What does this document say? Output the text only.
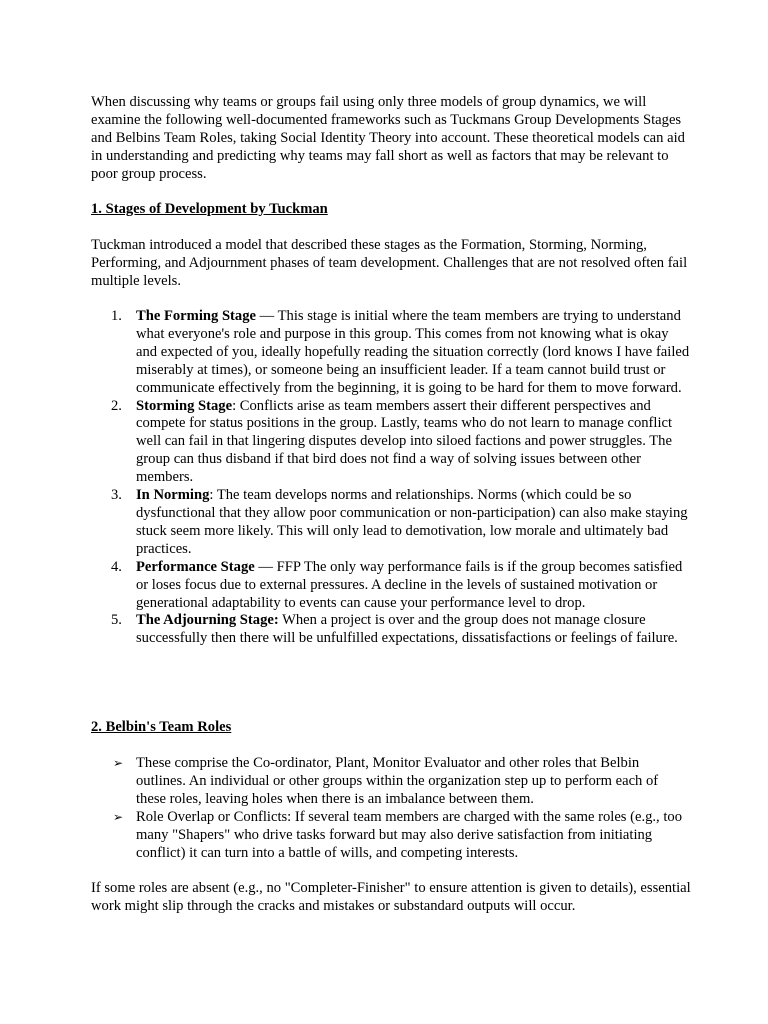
When discussing why teams or groups fail using only three models of group dynamics, we will examine the following well-documented frameworks such as Tuckmans Group Developments Stages and Belbins Team Roles, taking Social Identity Theory into account. These theoretical models can aid in understanding and predicting why teams may fall short as well as factors that may be relevant to poor group process.

1. Stages of Development by Tuckman

Tuckman introduced a model that described these stages as the Formation, Storming, Norming, Performing, and Adjournment phases of team development. Challenges that are not resolved often fail multiple levels.

1. The Forming Stage — This stage is initial where the team members are trying to understand what everyone's role and purpose in this group. This comes from not knowing what is okay and expected of you, ideally hopefully reading the situation correctly (lord knows I have failed miserably at times), or someone being an insufficient leader. If a team cannot build trust or communicate effectively from the beginning, it is going to be hard for them to move forward.
2. Storming Stage: Conflicts arise as team members assert their different perspectives and compete for status positions in the group. Lastly, teams who do not learn to manage conflict well can fail in that lingering disputes develop into siloed factions and power struggles. The group can thus disband if that bird does not find a way of solving issues between other members.
3. In Norming: The team develops norms and relationships. Norms (which could be so dysfunctional that they allow poor communication or non-participation) can also make staying stuck seem more likely. This will only lead to demotivation, low morale and ultimately bad practices.
4. Performance Stage — FFP The only way performance fails is if the group becomes satisfied or loses focus due to external pressures. A decline in the levels of sustained motivation or generational adaptability to events can cause your performance level to drop.
5. The Adjourning Stage: When a project is over and the group does not manage closure successfully then there will be unfulfilled expectations, dissatisfactions or feelings of failure.

2. Belbin's Team Roles

➢ These comprise the Co-ordinator, Plant, Monitor Evaluator and other roles that Belbin outlines. An individual or other groups within the organization step up to perform each of these roles, leaving holes when there is an imbalance between them.
➢ Role Overlap or Conflicts: If several team members are charged with the same roles (e.g., too many "Shapers" who drive tasks forward but may also derive satisfaction from initiating conflict) it can turn into a battle of wills, and competing interests.

If some roles are absent (e.g., no "Completer-Finisher" to ensure attention is given to details), essential work might slip through the cracks and mistakes or substandard outputs will occur.
